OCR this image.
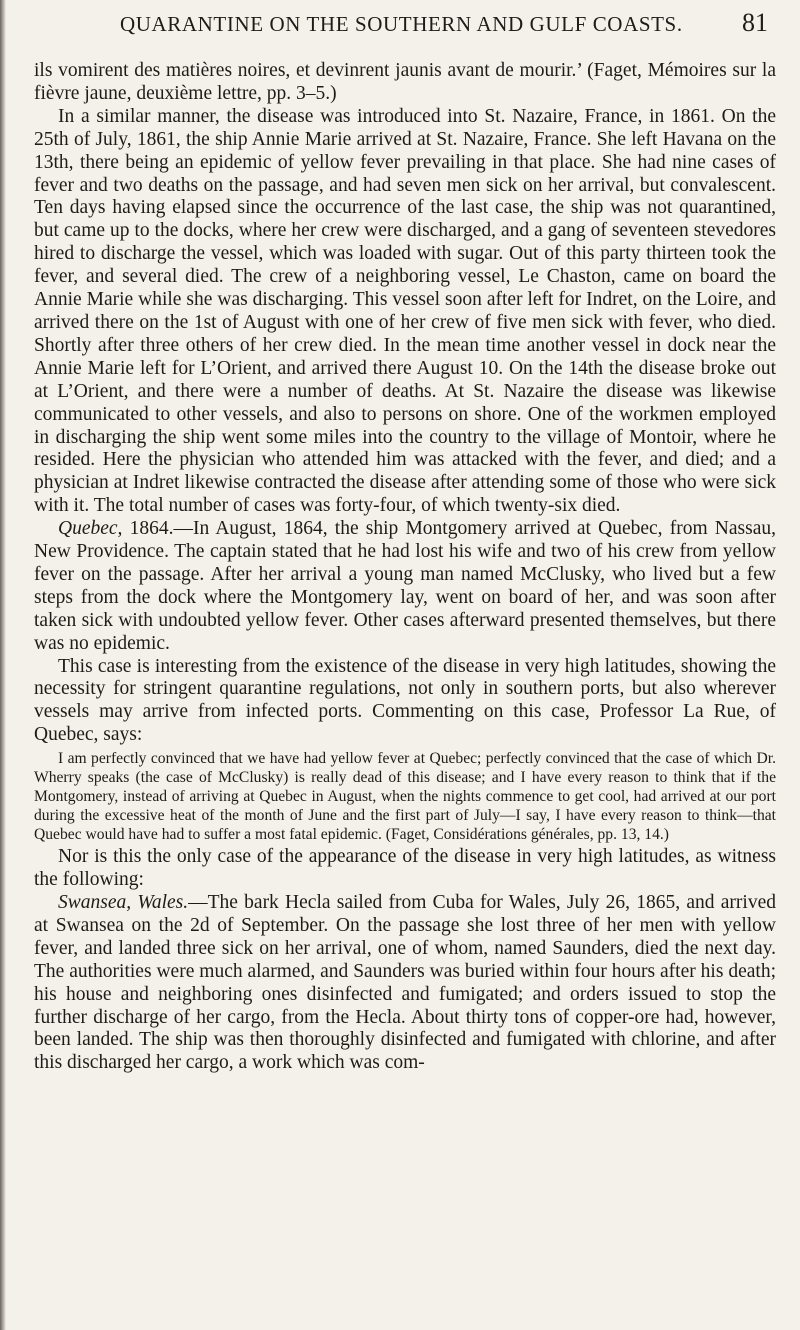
QUARANTINE ON THE SOUTHERN AND GULF COASTS. 81

ils vomirent des matières noires, et devinrent jaunis avant de mourir.’ (Faget, Mémoires sur la fièvre jaune, deuxième lettre, pp. 3–5.)

In a similar manner, the disease was introduced into St. Nazaire, France, in 1861. On the 25th of July, 1861, the ship Annie Marie arrived at St. Nazaire, France. She left Havana on the 13th, there being an epidemic of yellow fever prevailing in that place. She had nine cases of fever and two deaths on the passage, and had seven men sick on her arrival, but convalescent. Ten days having elapsed since the occurrence of the last case, the ship was not quarantined, but came up to the docks, where her crew were discharged, and a gang of seventeen stevedores hired to discharge the vessel, which was loaded with sugar. Out of this party thirteen took the fever, and several died. The crew of a neighboring vessel, Le Chaston, came on board the Annie Marie while she was discharging. This vessel soon after left for Indret, on the Loire, and arrived there on the 1st of August with one of her crew of five men sick with fever, who died. Shortly after three others of her crew died. In the mean time another vessel in dock near the Annie Marie left for L’Orient, and arrived there August 10. On the 14th the disease broke out at L’Orient, and there were a number of deaths. At St. Nazaire the disease was likewise communicated to other vessels, and also to persons on shore. One of the workmen employed in discharging the ship went some miles into the country to the village of Montoir, where he resided. Here the physician who attended him was attacked with the fever, and died; and a physician at Indret likewise contracted the disease after attending some of those who were sick with it. The total number of cases was forty-four, of which twenty-six died.

Quebec, 1864.—In August, 1864, the ship Montgomery arrived at Quebec, from Nassau, New Providence. The captain stated that he had lost his wife and two of his crew from yellow fever on the passage. After her arrival a young man named McClusky, who lived but a few steps from the dock where the Montgomery lay, went on board of her, and was soon after taken sick with undoubted yellow fever. Other cases afterward presented themselves, but there was no epidemic.

This case is interesting from the existence of the disease in very high latitudes, showing the necessity for stringent quarantine regulations, not only in southern ports, but also wherever vessels may arrive from infected ports. Commenting on this case, Professor La Rue, of Quebec, says:

I am perfectly convinced that we have had yellow fever at Quebec; perfectly convinced that the case of which Dr. Wherry speaks (the case of McClusky) is really dead of this disease; and I have every reason to think that if the Montgomery, instead of arriving at Quebec in August, when the nights commence to get cool, had arrived at our port during the excessive heat of the month of June and the first part of July—I say, I have every reason to think—that Quebec would have had to suffer a most fatal epidemic. (Faget, Considérations générales, pp. 13, 14.)

Nor is this the only case of the appearance of the disease in very high latitudes, as witness the following:

Swansea, Wales.—The bark Hecla sailed from Cuba for Wales, July 26, 1865, and arrived at Swansea on the 2d of September. On the passage she lost three of her men with yellow fever, and landed three sick on her arrival, one of whom, named Saunders, died the next day. The authorities were much alarmed, and Saunders was buried within four hours after his death; his house and neighboring ones disinfected and fumigated; and orders issued to stop the further discharge of her cargo, from the Hecla. About thirty tons of copper-ore had, however, been landed. The ship was then thoroughly disinfected and fumigated with chlorine, and after this discharged her cargo, a work which was com-
